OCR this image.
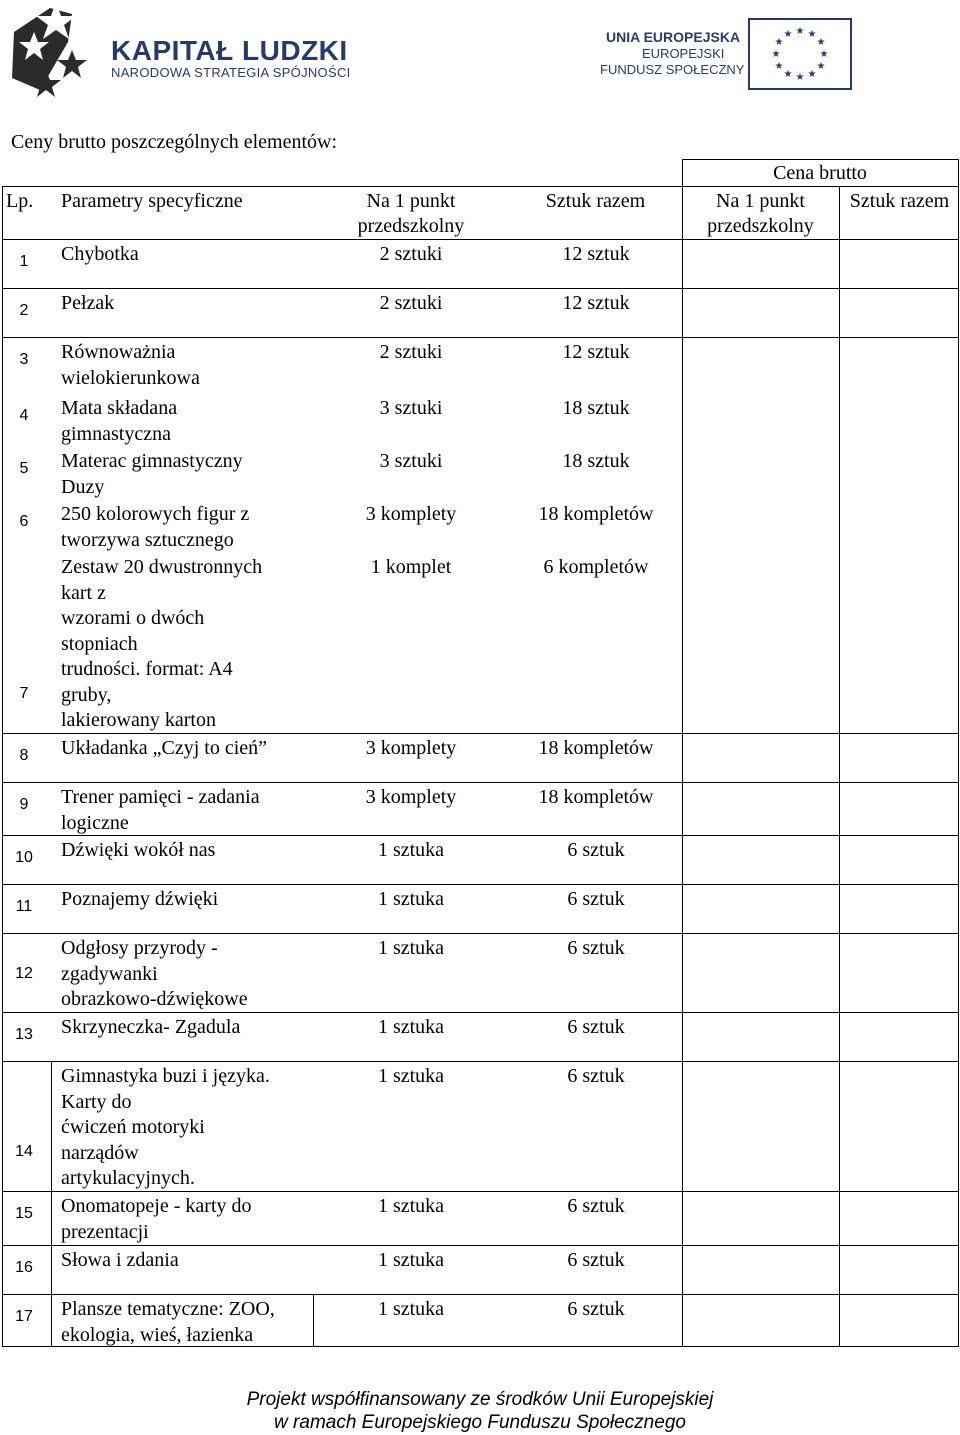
KAPITAŁ LUDZKI
NARODOWA STRATEGIA SPÓJNOŚCI
UNIA EUROPEJSKA
EUROPEJSKI
FUNDUSZ SPOŁECZNY
★ ★
★
★
★
★
★
★
★
★
★
★
Ceny brutto poszczególnych elementów:
Cena brutto
Lp.	Parametry specyficzne	Na 1 punkt
przedszkolny
Sztuk razem	Na 1 punkt
przedszkolny
Sztuk razem
1	Chybotka	2 sztuki	12 sztuk
2	Pełzak	2 sztuki	12 sztuk
3	Równoważnia
wielokierunkowa
2 sztuki	12 sztuk
4	Mata składana
gimnastyczna
3 sztuki	18 sztuk
5	Materac gimnastyczny
Duzy
3 sztuki	18 sztuk
6	250 kolorowych figur z
tworzywa sztucznego
3 komplety	18 kompletów
7
Zestaw 20 dwustronnych
kart z
wzorami o dwóch
stopniach
trudności. format: A4
gruby,
lakierowany karton
1 komplet	6 kompletów
8	Układanka „Czyj to cień”	3 komplety	18 kompletów
9	Trener pamięci - zadania
logiczne
3 komplety	18 kompletów
10	Dźwięki wokół nas	1 sztuka	6 sztuk
11	Poznajemy dźwięki	1 sztuka	6 sztuk
12
Odgłosy przyrody -
zgadywanki
obrazkowo-dźwiękowe
1 sztuka	6 sztuk
13	Skrzyneczka- Zgadula	1 sztuka	6 sztuk
14
Gimnastyka buzi i języka.
Karty do
ćwiczeń motoryki
narządów
artykulacyjnych.
1 sztuka	6 sztuk
15	Onomatopeje - karty do
prezentacji
1 sztuka	6 sztuk
16	Słowa i zdania	1 sztuka	6 sztuk
17	Plansze tematyczne: ZOO,
ekologia, wieś, łazienka
1 sztuka	6 sztuk
Projekt współfinansowany ze środków Unii Europejskiej
w ramach Europejskiego Funduszu Społecznego
